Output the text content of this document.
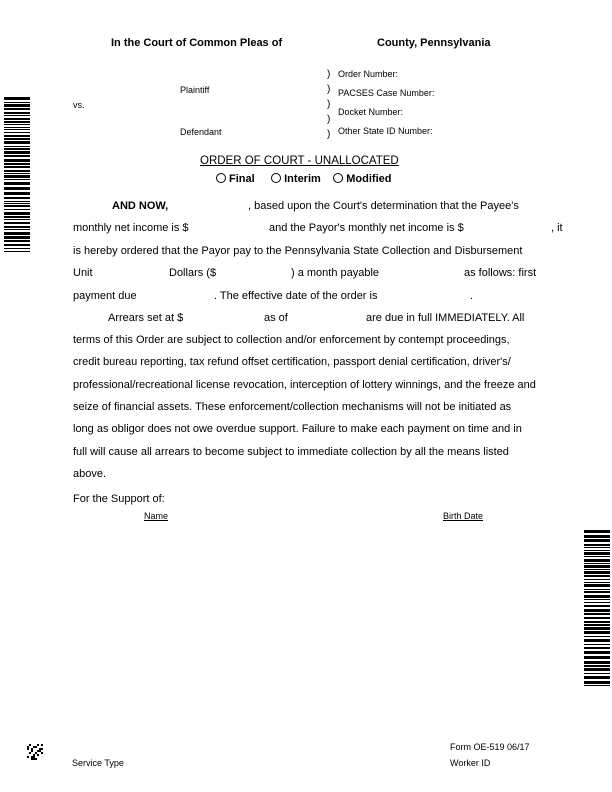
In the Court of Common Pleas of	County, Pennsylvania
Plaintiff
vs.
Defendant
)
)
)
)
)
Order Number:
PACSES Case Number:
Docket Number:
Other State ID Number:
ORDER OF COURT - UNALLOCATED
Final	Interim Modified
AND NOW,	, based upon the Court's determination that the Payee's
monthly net income is $	and the Payor's monthly net income is $	, it
is hereby ordered that the Payor pay to the Pennsylvania State Collection and Disbursement
Unit	Dollars ($	) a month payable	as follows: first
payment due	. The effective date of the order is	.
Arrears set at $	as of	are due in full IMMEDIATELY. All
terms of this Order are subject to collection and/or enforcement by contempt proceedings,
credit bureau reporting, tax refund offset certification, passport denial certification, driver's/
professional/recreational license revocation, interception of lottery winnings, and the freeze and
seize of financial assets. These enforcement/collection mechanisms will not be initiated as
long as obligor does not owe overdue support. Failure to make each payment on time and in
full will cause all arrears to become subject to immediate collection by all the means listed
above.
For the Support of:
Name	Birth Date
Service Type
Form OE-519 06/17
Worker ID
